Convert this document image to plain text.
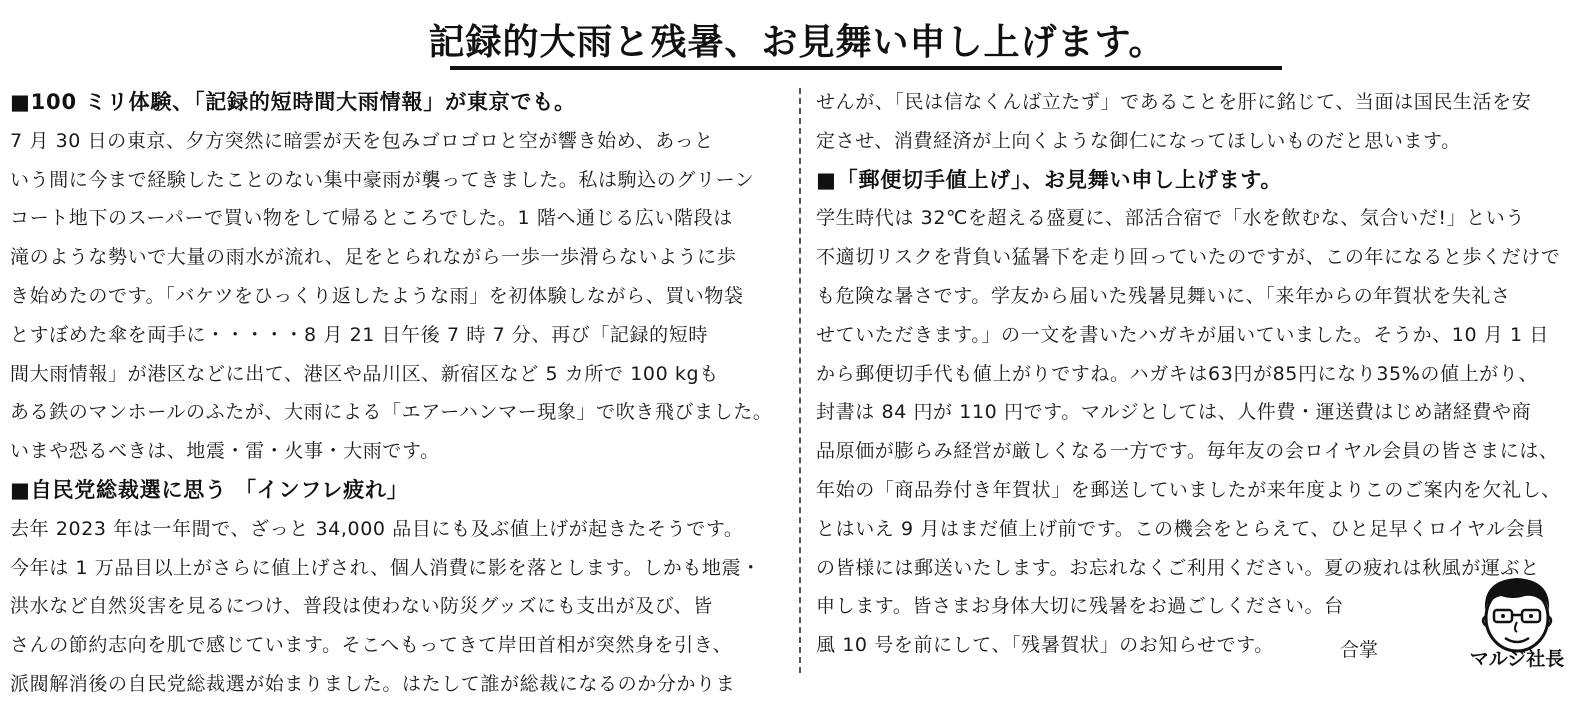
記録的大雨と残暑、お見舞い申し上げます。
■100 ミリ体験、「記録的短時間大雨情報」が東京でも。
7 月 30 日の東京、夕方突然に暗雲が天を包みゴロゴロと空が響き始め、あっと
いう間に今まで経験したことのない集中豪雨が襲ってきました。私は駒込のグリーン
コート地下のスーパーで買い物をして帰るところでした。1 階へ通じる広い階段は
滝のような勢いで大量の雨水が流れ、足をとられながら一歩一歩滑らないように歩
き始めたのです。「バケツをひっくり返したような雨」を初体験しながら、買い物袋
とすぼめた傘を両手に・・・・・8 月 21 日午後 7 時 7 分、再び「記録的短時
間大雨情報」が港区などに出て、港区や品川区、新宿区など 5 カ所で 100 kgも
ある鉄のマンホールのふたが、大雨による「エアーハンマー現象」で吹き飛びました。
いまや恐るべきは、地震・雷・火事・大雨です。
■自民党総裁選に思う 「インフレ疲れ」
去年 2023 年は一年間で、ざっと 34,000 品目にも及ぶ値上げが起きたそうです。
今年は 1 万品目以上がさらに値上げされ、個人消費に影を落とします。しかも地震・
洪水など自然災害を見るにつけ、普段は使わない防災グッズにも支出が及び、皆
さんの節約志向を肌で感じています。そこへもってきて岸田首相が突然身を引き、
派閥解消後の自民党総裁選が始まりました。はたして誰が総裁になるのか分かりま
せんが、「民は信なくんば立たず」であることを肝に銘じて、当面は国民生活を安
定させ、消費経済が上向くような御仁になってほしいものだと思います。
■「郵便切手値上げ」、お見舞い申し上げます。
学生時代は 32℃を超える盛夏に、部活合宿で「水を飲むな、気合いだ!」という
不適切リスクを背負い猛暑下を走り回っていたのですが、この年になると歩くだけで
も危険な暑さです。学友から届いた残暑見舞いに、「来年からの年賀状を失礼さ
せていただきます。」の一文を書いたハガキが届いていました。そうか、10 月 1 日
から郵便切手代も値上がりですね。ハガキは63円が85円になり35%の値上がり、
封書は 84 円が 110 円です。マルジとしては、人件費・運送費はじめ諸経費や商
品原価が膨らみ経営が厳しくなる一方です。毎年友の会ロイヤル会員の皆さまには、
年始の「商品券付き年賀状」を郵送していましたが来年度よりこのご案内を欠礼し、
とはいえ 9 月はまだ値上げ前です。この機会をとらえて、ひと足早くロイヤル会員
の皆様には郵送いたします。お忘れなくご利用ください。夏の疲れは秋風が運ぶと
申します。皆さまお身体大切に残暑をお過ごしください。台
風 10 号を前にして、「残暑賀状」のお知らせです。	合掌	マルジ社長
